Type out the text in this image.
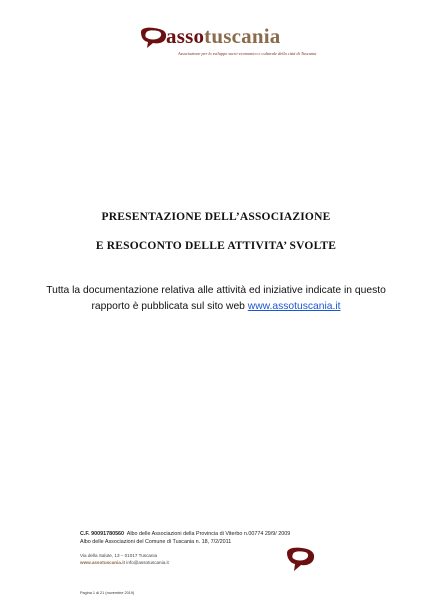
assotuscania
Associazione per lo sviluppo socio-economico e culturale della città di Tuscania
PRESENTAZIONE DELL’ASSOCIAZIONE
E RESOCONTO DELLE ATTIVITA’ SVOLTE
Tutta la documentazione relativa alle attività ed iniziative indicate in questo
rapporto è pubblicata sul sito web www.assotuscania.it
C.F. 90091780560 Albo delle Associazioni della Provincia di Viterbo n.00774 29/9/ 2009
Albo delle Associazioni del Comune di Tuscania n. 18, 7/2/2011
Via della Salute, 13 – 01017 Tuscania
www.assotuscania.it info@assotuscania.it
Pagina 1 di 21 (novembre 2019)
